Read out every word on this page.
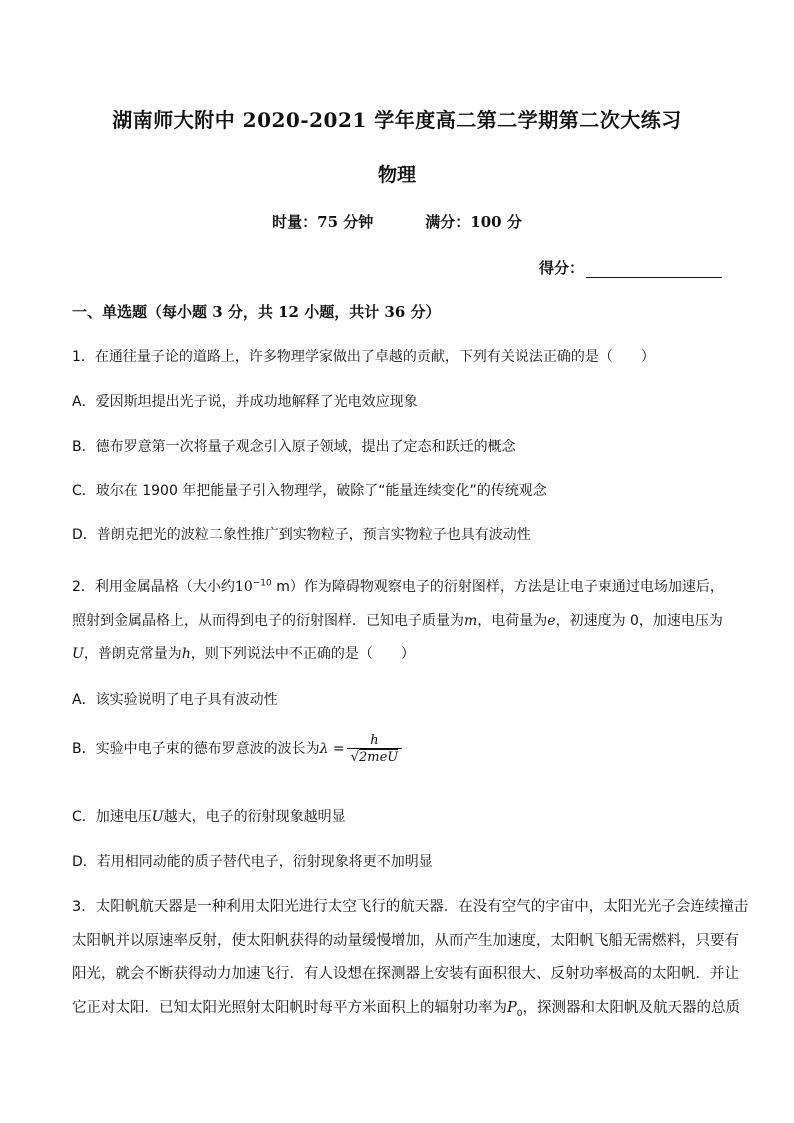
湖南师大附中 2020-2021 学年度高二第二学期第二次大练习
物理
时量：75 分钟	满分：100 分
得分：
一、单选题（每小题 3 分，共 12 小题，共计 36 分）
1．在通往量子论的道路上，许多物理学家做出了卓越的贡献，下列有关说法正确的是（　　）
A．爱因斯坦提出光子说，并成功地解释了光电效应现象
B．德布罗意第一次将量子观念引入原子领域，提出了定态和跃迁的概念
C．玻尔在 1900 年把能量子引入物理学，破除了“能量连续变化”的传统观念
D．普朗克把光的波粒二象性推广到实物粒子，预言实物粒子也具有波动性
2．利用金属晶格（大小约$10^{-10}$ m）作为障碍物观察电子的衍射图样，方法是让电子束通过电场加速后，
照射到金属晶格上，从而得到电子的衍射图样．已知电子质量为m，电荷量为e，初速度为 0，加速电压为
U，普朗克常量为h，则下列说法中不正确的是（　　）
A．该实验说明了电子具有波动性
B．实验中电子束的德布罗意波的波长为$\lambda = \frac{h}{\text{√2meU}}$
C．加速电压U越大，电子的衍射现象越明显
D．若用相同动能的质子替代电子，衍射现象将更不加明显
3．太阳帆航天器是一种利用太阳光进行太空飞行的航天器．在没有空气的宇宙中，太阳光光子会连续撞击
太阳帆并以原速率反射，使太阳帆获得的动量缓慢增加，从而产生加速度，太阳帆飞船无需燃料，只要有
阳光，就会不断获得动力加速飞行．有人设想在探测器上安装有面积很大、反射功率极高的太阳帆．并让
它正对太阳．已知太阳光照射太阳帆时每平方米面积上的辐射功率为$P_0$，探测器和太阳帆及航天器的总质
